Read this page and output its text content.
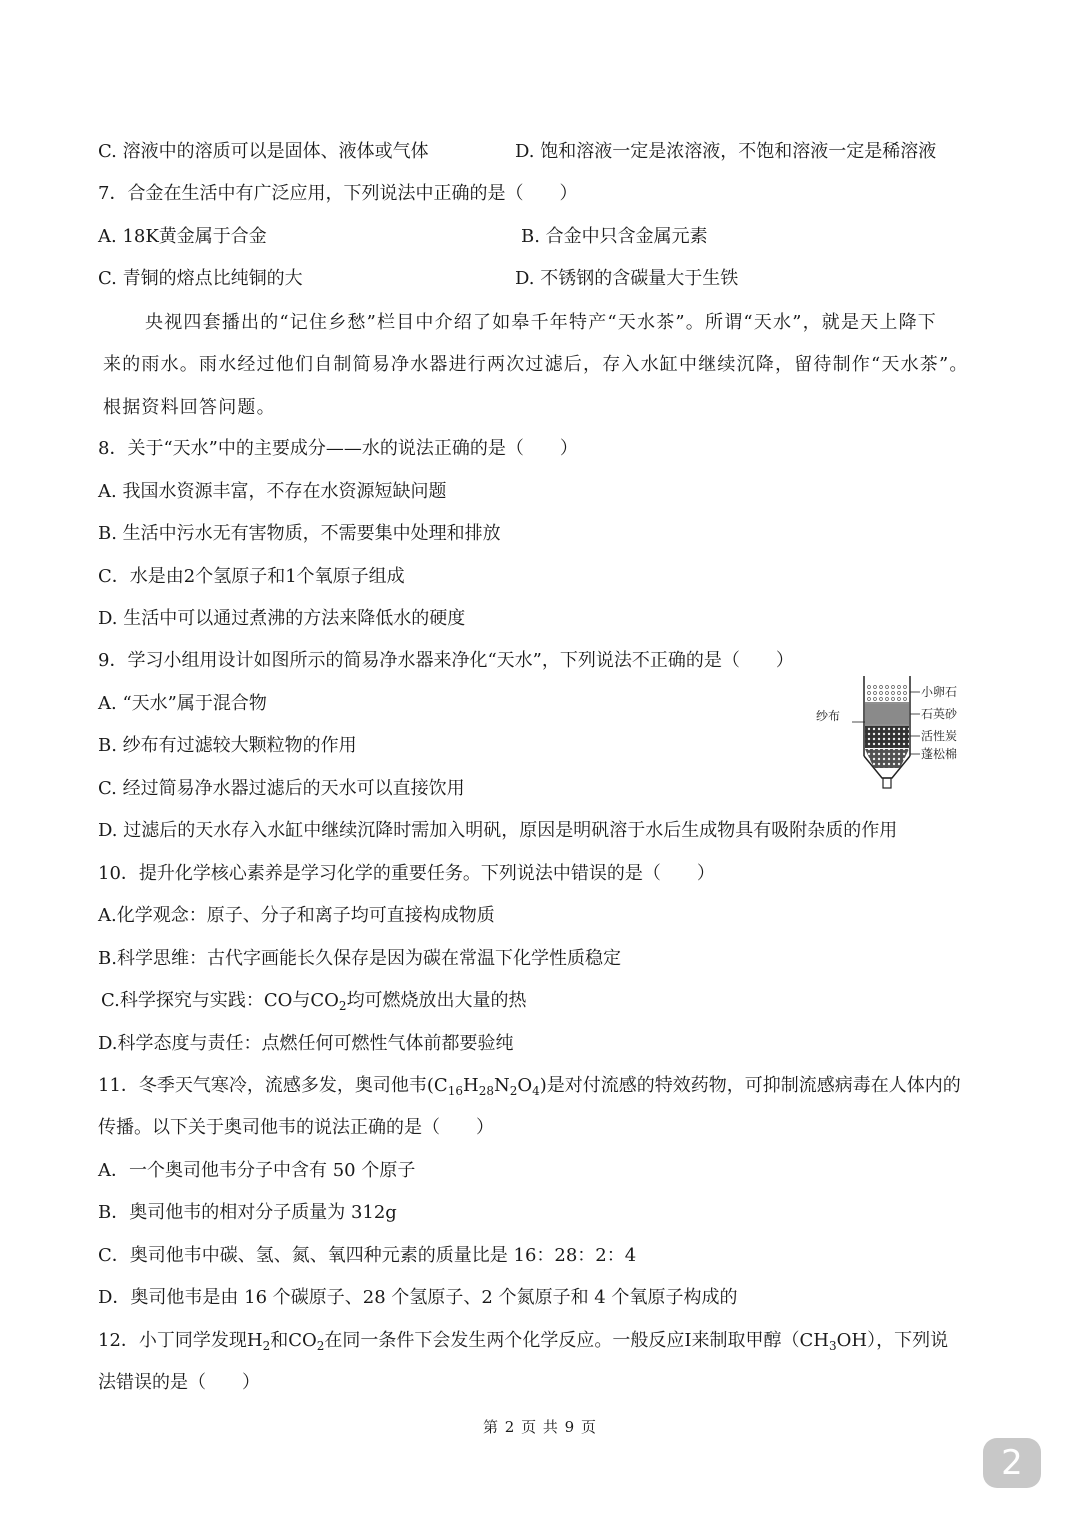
C. 溶液中的溶质可以是固体、液体或气体	D. 饱和溶液一定是浓溶液，不饱和溶液一定是稀溶液
7．合金在生活中有广泛应用，下列说法中正确的是（　　）
A. 18K黄金属于合金	B. 合金中只含金属元素
C. 青铜的熔点比纯铜的大	D. 不锈钢的含碳量大于生铁
央视四套播出的“记住乡愁”栏目中介绍了如皋千年特产“天水茶”。所谓“天水”，就是天上降下
来的雨水。雨水经过他们自制简易净水器进行两次过滤后，存入水缸中继续沉降，留待制作“天水茶”。
根据资料回答问题。
8．关于“天水”中的主要成分——水的说法正确的是（　　）
A. 我国水资源丰富，不存在水资源短缺问题
B. 生活中污水无有害物质，不需要集中处理和排放
C．水是由2个氢原子和1个氧原子组成
D. 生活中可以通过煮沸的方法来降低水的硬度
9．学习小组用设计如图所示的简易净水器来净化“天水”，下列说法不正确的是（　　）
A. “天水”属于混合物
B. 纱布有过滤较大颗粒物的作用
C. 经过简易净水器过滤后的天水可以直接饮用
D. 过滤后的天水存入水缸中继续沉降时需加入明矾，原因是明矾溶于水后生成物具有吸附杂质的作用
纱布
小卵石
石英砂
活性炭
蓬松棉
10．提升化学核心素养是学习化学的重要任务。下列说法中错误的是（　　）
A.化学观念：原子、分子和离子均可直接构成物质
B.科学思维：古代字画能长久保存是因为碳在常温下化学性质稳定
C.科学探究与实践：CO与$CO_2$均可燃烧放出大量的热
D.科学态度与责任：点燃任何可燃性气体前都要验纯
11．冬季天气寒冷，流感多发，奥司他韦$(C_{16}H_{28}N_2O_4)$是对付流感的特效药物，可抑制流感病毒在人体内的
传播。以下关于奥司他韦的说法正确的是（　　）
A．一个奥司他韦分子中含有 50 个原子
B．奥司他韦的相对分子质量为 312g
C．奥司他韦中碳、氢、氮、氧四种元素的质量比是 16：28：2：4
D．奥司他韦是由 16 个碳原子、28 个氢原子、2 个氮原子和 4 个氧原子构成的
12．小丁同学发现$H_2$和$CO_2$在同一条件下会发生两个化学反应。一般反应Ⅰ来制取甲醇$(CH_3OH)$，下列说
法错误的是（　　）
第 2 页 共 9 页
2
